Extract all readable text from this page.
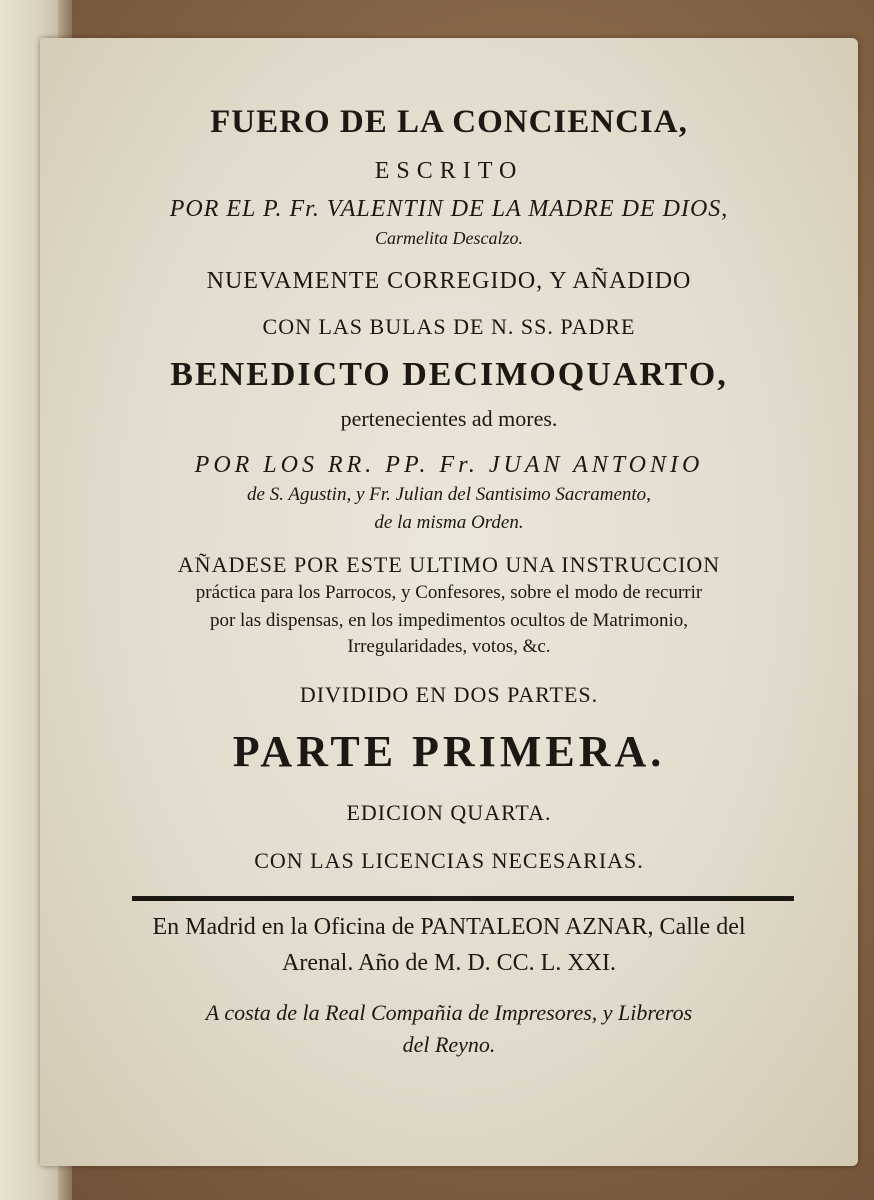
FUERO DE LA CONCIENCIA,

ESCRITO

POR EL P. Fr. VALENTIN DE LA MADRE DE DIOS,

Carmelita Descalzo.

NUEVAMENTE CORREGIDO, Y AÑADIDO

CON LAS BULAS DE N. SS. PADRE

BENEDICTO DECIMOQUARTO,

pertenecientes ad mores.

POR LOS RR. PP. Fr. JUAN ANTONIO

de S. Agustin, y Fr. Julian del Santisimo Sacramento,

de la misma Orden.

AÑADESE POR ESTE ULTIMO UNA INSTRUCCION

práctica para los Parrocos, y Confesores, sobre el modo de recurrir

por las dispensas, en los impedimentos ocultos de Matrimonio,

Irregularidades, votos, &c.

DIVIDIDO EN DOS PARTES.

PARTE PRIMERA.

EDICION QUARTA.

CON LAS LICENCIAS NECESARIAS.

En Madrid en la Oficina de PANTALEON AZNAR, Calle del

Arenal. Año de M. D. CC. L. XXI.

A costa de la Real Compañia de Impresores, y Libreros

del Reyno.
